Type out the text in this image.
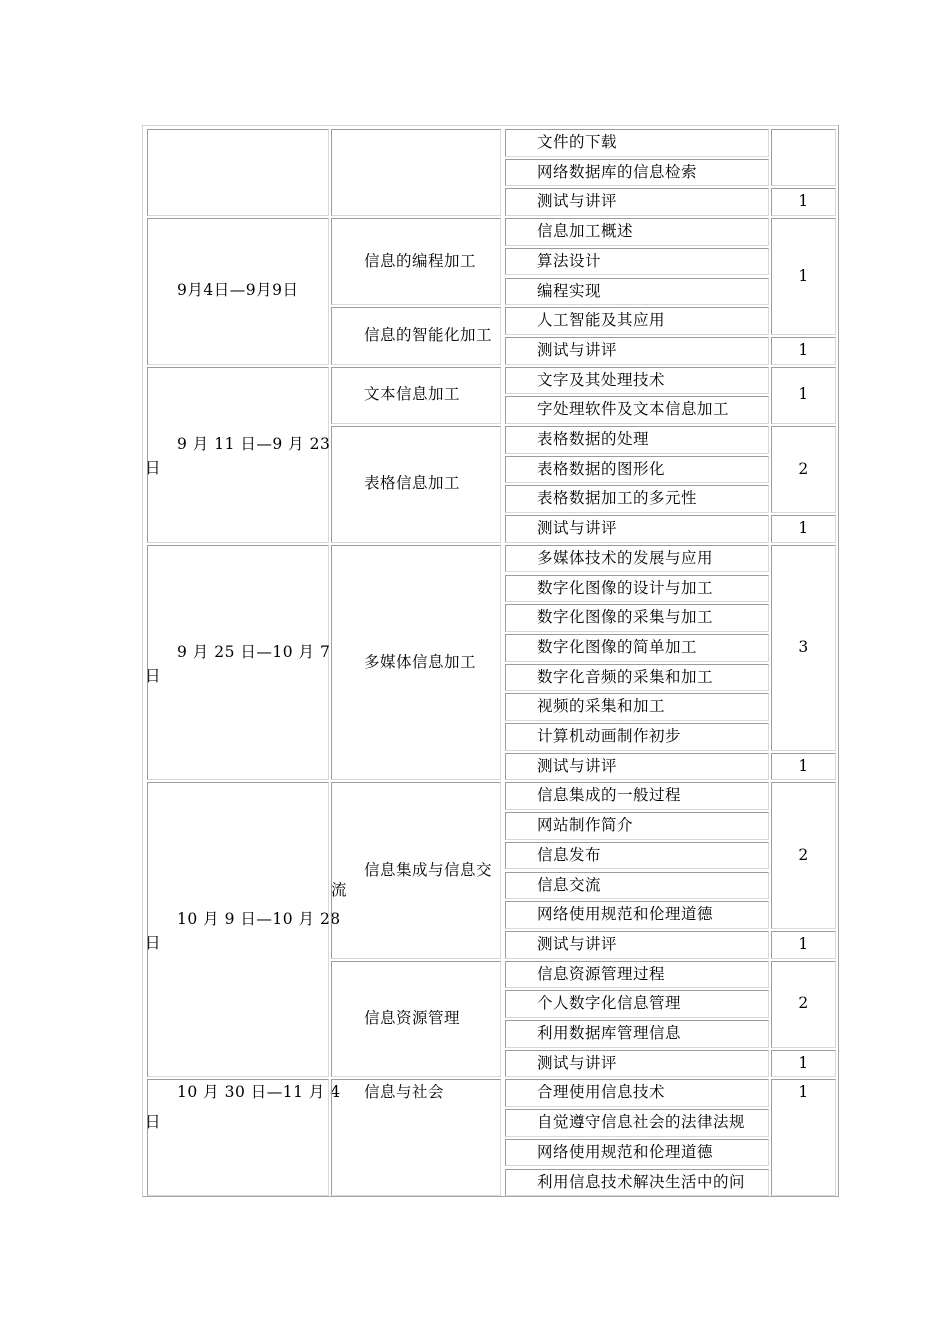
文件的下载
网络数据库的信息检索
测试与讲评	1
9月4日—9月9日
信息的编程加工
信息的智能化加工
信息加工概述
算法设计
编程实现
人工智能及其应用
测试与讲评
1
1
9 月 11 日—9 月 23
日
文本信息加工
表格信息加工
文字及其处理技术
字处理软件及文本信息加工
表格数据的处理
表格数据的图形化
表格数据加工的多元性
测试与讲评
1
2
1
9 月 25 日—10 月 7
日
多媒体信息加工
多媒体技术的发展与应用
数字化图像的设计与加工
数字化图像的采集与加工
数字化图像的简单加工
数字化音频的采集和加工
视频的采集和加工
计算机动画制作初步
测试与讲评
3
1
10 月 9 日—10 月 28
日
信息集成与信息交
流
信息资源管理
信息集成的一般过程
网站制作简介
信息发布
信息交流
网络使用规范和伦理道德
测试与讲评
信息资源管理过程
个人数字化信息管理
利用数据库管理信息
测试与讲评
2
1
2
1
10 月 30 日—11 月 4
日
信息与社会	合理使用信息技术
自觉遵守信息社会的法律法规
网络使用规范和伦理道德
利用信息技术解决生活中的问
1
